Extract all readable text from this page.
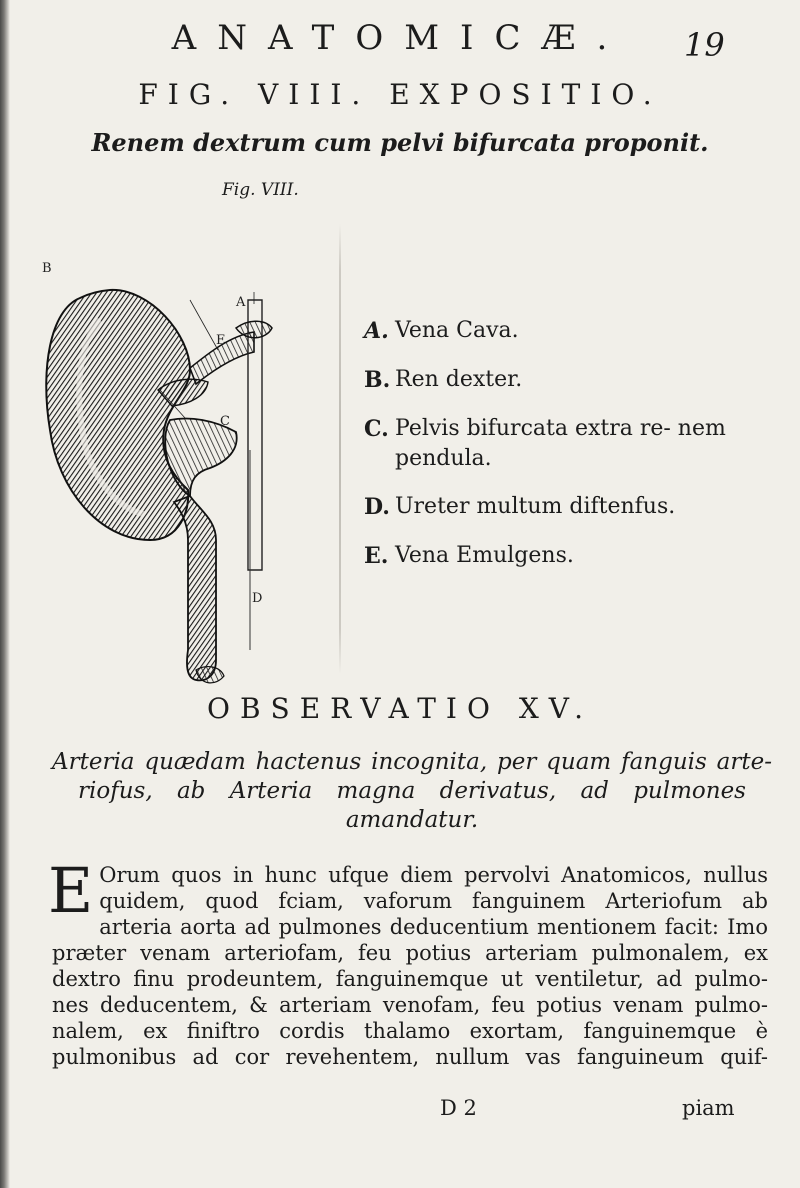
ANATOMICÆ.	19
FIG. VIII. EXPOSITIO.
Renem dextrum cum pelvi bifurcata proponit.
Fig. VIII.
B
A
E
C
D
A. Vena Cava.
B. Ren dexter.
C. Pelvis bifurcata extra re- nem pendula.
D. Ureter multum diftenfus.
E. Vena Emulgens.
OBSERVATIO XV.
Arteria quædam hactenus incognita, per quam fanguis arte-
riofus, ab Arteria magna derivatus, ad pulmones
amandatur.
E Orum quos in hunc ufque diem pervolvi Anatomicos, nullus
quidem, quod fciam, vaforum fanguinem Arteriofum ab
arteria aorta ad pulmones deducentium mentionem facit: Imo
præter venam arteriofam, feu potius arteriam pulmonalem, ex
dextro finu prodeuntem, fanguinemque ut ventiletur, ad pulmo-
nes deducentem, & arteriam venofam, feu potius venam pulmo-
nalem, ex finiftro cordis thalamo exortam, fanguinemque è
pulmonibus ad cor revehentem, nullum vas fanguineum quif-
D 2	piam
